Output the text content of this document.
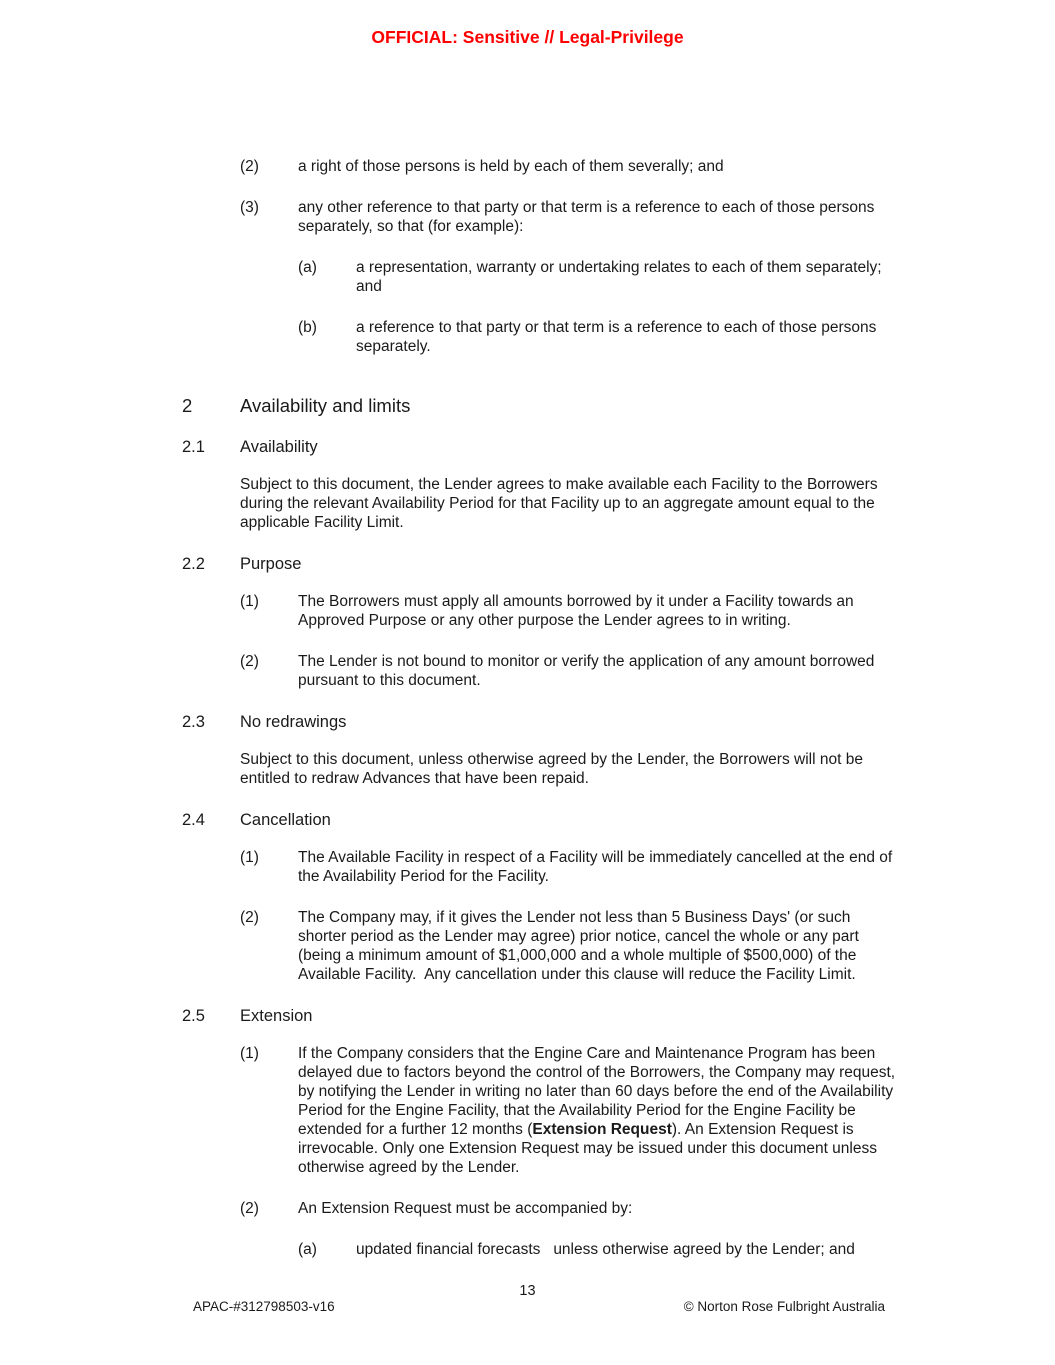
OFFICIAL: Sensitive // Legal-Privilege
(2)	a right of those persons is held by each of them severally; and
(3)	any other reference to that party or that term is a reference to each of those persons separately, so that (for example):
(a)	a representation, warranty or undertaking relates to each of them separately; and
(b)	a reference to that party or that term is a reference to each of those persons separately.
2	Availability and limits
2.1	Availability
Subject to this document, the Lender agrees to make available each Facility to the Borrowers during the relevant Availability Period for that Facility up to an aggregate amount equal to the applicable Facility Limit.
2.2	Purpose
(1)	The Borrowers must apply all amounts borrowed by it under a Facility towards an Approved Purpose or any other purpose the Lender agrees to in writing.
(2)	The Lender is not bound to monitor or verify the application of any amount borrowed pursuant to this document.
2.3	No redrawings
Subject to this document, unless otherwise agreed by the Lender, the Borrowers will not be entitled to redraw Advances that have been repaid.
2.4	Cancellation
(1)	The Available Facility in respect of a Facility will be immediately cancelled at the end of the Availability Period for the Facility.
(2)	The Company may, if it gives the Lender not less than 5 Business Days' (or such shorter period as the Lender may agree) prior notice, cancel the whole or any part (being a minimum amount of $1,000,000 and a whole multiple of $500,000) of the Available Facility.  Any cancellation under this clause will reduce the Facility Limit.
2.5	Extension
(1)	If the Company considers that the Engine Care and Maintenance Program has been delayed due to factors beyond the control of the Borrowers, the Company may request, by notifying the Lender in writing no later than 60 days before the end of the Availability Period for the Engine Facility, that the Availability Period for the Engine Facility be extended for a further 12 months (Extension Request). An Extension Request is irrevocable. Only one Extension Request may be issued under this document unless otherwise agreed by the Lender.
(2)	An Extension Request must be accompanied by:
(a)	updated financial forecasts   unless otherwise agreed by the Lender; and
13
APAC-#312798503-v16	© Norton Rose Fulbright Australia
